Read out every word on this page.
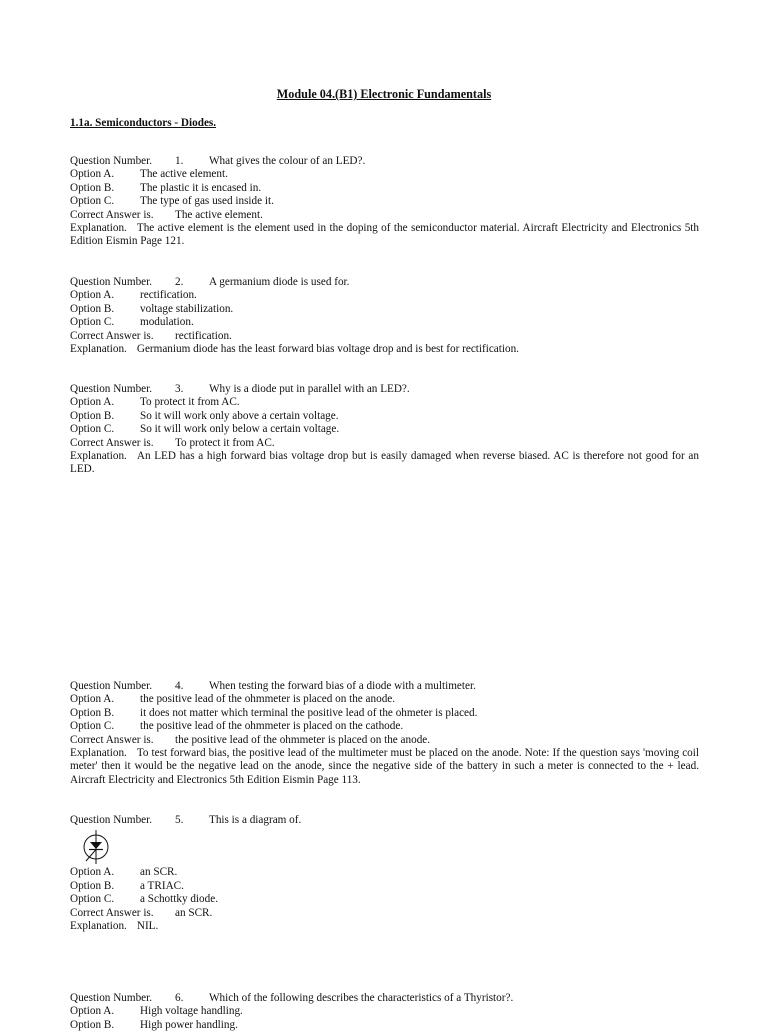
Module 04.(B1) Electronic Fundamentals
1.1a. Semiconductors - Diodes.
Question Number. 1. What gives the colour of an LED?.
Option A. The active element.
Option B. The plastic it is encased in.
Option C. The type of gas used inside it.
Correct Answer is. The active element.
Explanation. The active element is the element used in the doping of the semiconductor material. Aircraft Electricity and Electronics 5th Edition Eismin Page 121.
Question Number. 2. A germanium diode is used for.
Option A. rectification.
Option B. voltage stabilization.
Option C. modulation.
Correct Answer is. rectification.
Explanation. Germanium diode has the least forward bias voltage drop and is best for rectification.
Question Number. 3. Why is a diode put in parallel with an LED?.
Option A. To protect it from AC.
Option B. So it will work only above a certain voltage.
Option C. So it will work only below a certain voltage.
Correct Answer is. To protect it from AC.
Explanation. An LED has a high forward bias voltage drop but is easily damaged when reverse biased. AC is therefore not good for an LED.
Question Number. 4. When testing the forward bias of a diode with a multimeter.
Option A. the positive lead of the ohmmeter is placed on the anode.
Option B. it does not matter which terminal the positive lead of the ohmeter is placed.
Option C. the positive lead of the ohmmeter is placed on the cathode.
Correct Answer is. the positive lead of the ohmmeter is placed on the anode.
Explanation. To test forward bias, the positive lead of the multimeter must be placed on the anode. Note: If the question says 'moving coil meter' then it would be the negative lead on the anode, since the negative side of the battery in such a meter is connected to the + lead. Aircraft Electricity and Electronics 5th Edition Eismin Page 113.
Question Number. 5. This is a diagram of.
Option A. an SCR.
Option B. a TRIAC.
Option C. a Schottky diode.
Correct Answer is. an SCR.
Explanation. NIL.
Question Number. 6. Which of the following describes the characteristics of a Thyristor?.
Option A. High voltage handling.
Option B. High power handling.
